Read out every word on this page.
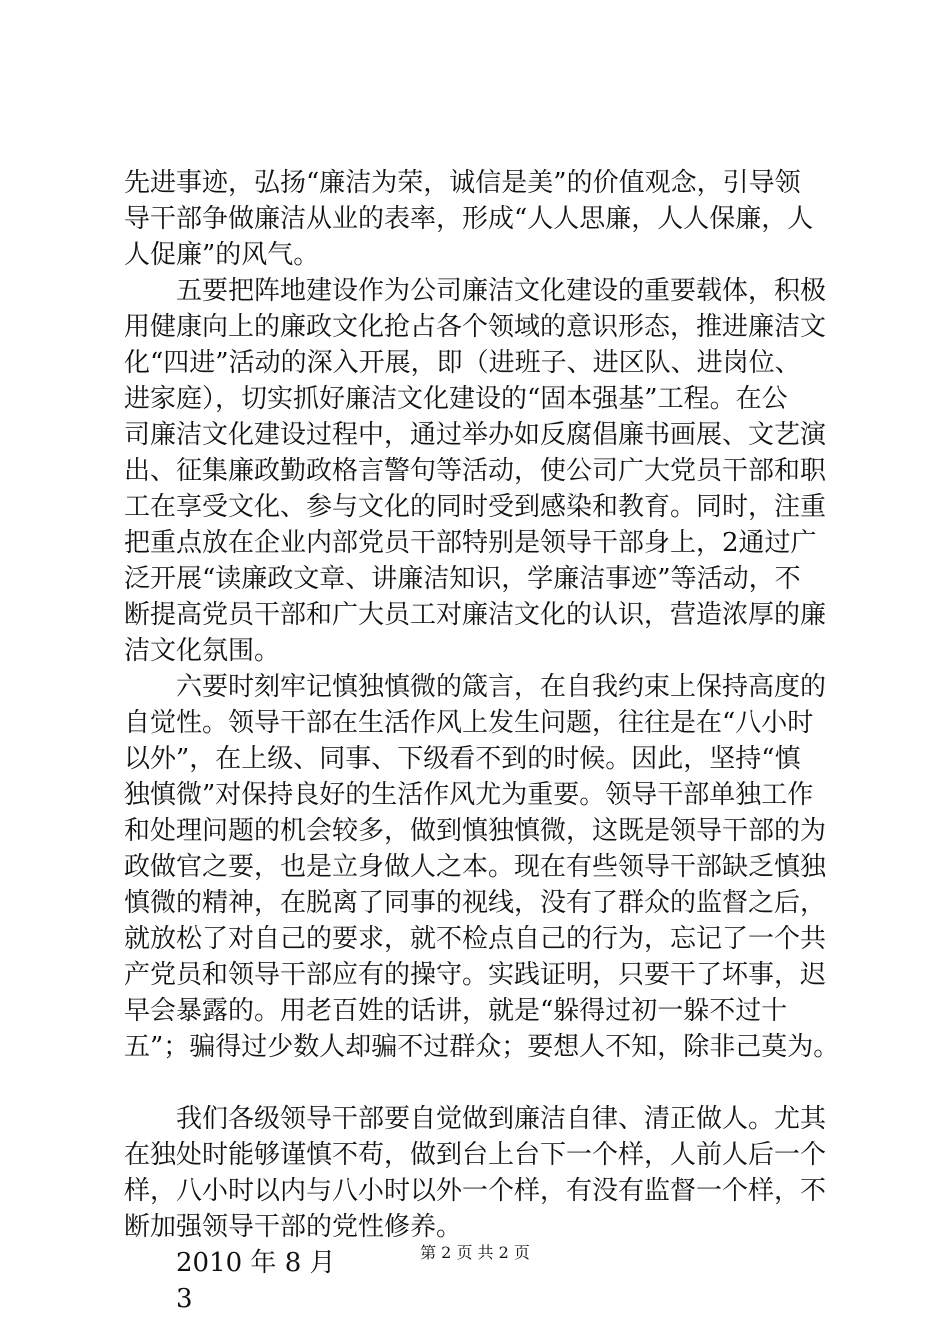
先进事迹，弘扬“廉洁为荣，诚信是美”的价值观念，引导领
导干部争做廉洁从业的表率，形成“人人思廉，人人保廉，人
人促廉”的风气。
　　五要把阵地建设作为公司廉洁文化建设的重要载体，积极
用健康向上的廉政文化抢占各个领域的意识形态，推进廉洁文
化“四进”活动的深入开展，即（进班子、进区队、进岗位、
进家庭），切实抓好廉洁文化建设的“固本强基”工程。在公
司廉洁文化建设过程中，通过举办如反腐倡廉书画展、文艺演
出、征集廉政勤政格言警句等活动，使公司广大党员干部和职
工在享受文化、参与文化的同时受到感染和教育。同时，注重
把重点放在企业内部党员干部特别是领导干部身上，2通过广
泛开展“读廉政文章、讲廉洁知识，学廉洁事迹”等活动，不
断提高党员干部和广大员工对廉洁文化的认识，营造浓厚的廉
洁文化氛围。
　　六要时刻牢记慎独慎微的箴言，在自我约束上保持高度的
自觉性。领导干部在生活作风上发生问题，往往是在“八小时
以外”，在上级、同事、下级看不到的时候。因此，坚持“慎
独慎微”对保持良好的生活作风尤为重要。领导干部单独工作
和处理问题的机会较多，做到慎独慎微，这既是领导干部的为
政做官之要，也是立身做人之本。现在有些领导干部缺乏慎独
慎微的精神，在脱离了同事的视线，没有了群众的监督之后，
就放松了对自己的要求，就不检点自己的行为，忘记了一个共
产党员和领导干部应有的操守。实践证明，只要干了坏事，迟
早会暴露的。用老百姓的话讲，就是“躲得过初一躲不过十
五”；骗得过少数人却骗不过群众；要想人不知，除非己莫为。
　　我们各级领导干部要自觉做到廉洁自律、清正做人。尤其
在独处时能够谨慎不苟，做到台上台下一个样，人前人后一个
样，八小时以内与八小时以外一个样，有没有监督一个样，不
断加强领导干部的党性修养。
　　2010 年 8 月
　　3
第 2 页 共 2 页
